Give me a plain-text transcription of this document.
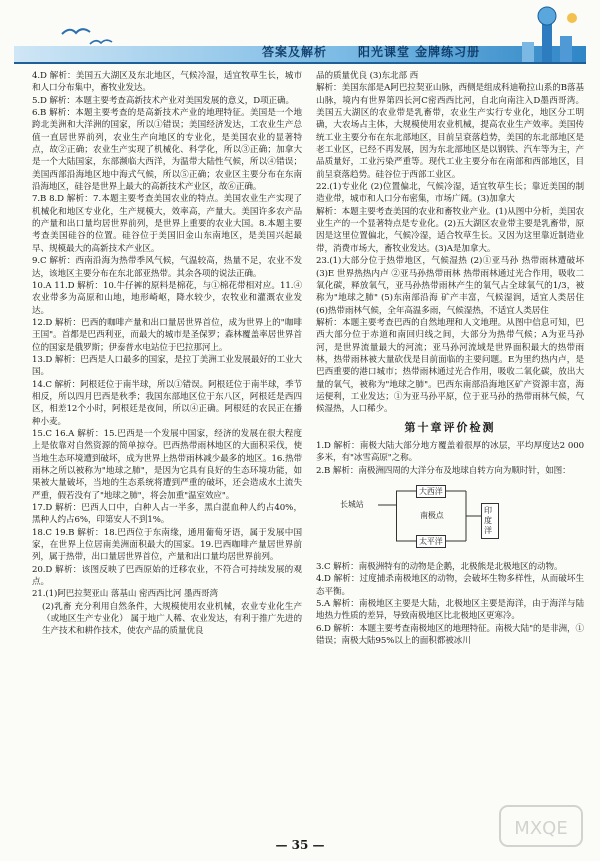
答案及解析	阳光课堂 金牌练习册

4.D 解析：美国五大湖区及东北地区，气候冷湿，适宜牧草生长，城市和人口分布集中，畜牧业发达。

5.D 解析：本题主要考查高新技术产业对美国发展的意义，D项正确。

6.B 解析：本题主要考查的是高新技术产业的地理特征。美国是一个地跨北美洲和大洋洲的国家，所以①错误；美国经济发达，工农业生产总值一直居世界前列，农业生产向地区的专业化，是美国农业的显著特点，故②正确；农业生产实现了机械化、科学化，所以③正确；加拿大是一个大陆国家，东部濒临大西洋，为温带大陆性气候，所以④错误；美国西部沿海地区地中海式气候，所以⑤正确；农业区主要分布在东南沿海地区，硅谷是世界上最大的高新技术产业区，故⑥正确。

7.B 8.D 解析：7.本题主要考查美国农业的特点。美国农业生产实现了机械化和地区专业化，生产规模大，效率高，产量大。美国许多农产品的产量和出口量均居世界前列，是世界上重要的农业大国。8.本题主要考查美国硅谷的位置。硅谷位于美国旧金山东南地区，是美国兴起最早、规模最大的高新技术产业区。

9.C 解析：西南沿海为热带季风气候，气温较高，热量不足，农业不发达，该地区主要分布在东北部亚热带。其余各项的说法正确。

10.A 11.D 解析：10.牛仔裤的原料是棉花，与①棉花带相对应。11.④农业带多为高原和山地，地形崎岖，降水较少，农牧业和灌溉农业发达。

12.D 解析：巴西的咖啡产量和出口量居世界首位，成为世界上的"咖啡王国"。首都是巴西利亚，而最大的城市是圣保罗；森林覆盖率居世界首位的国家是俄罗斯；伊泰普水电站位于巴拉那河上。

13.D 解析：巴西是人口最多的国家，是拉丁美洲工业发展最好的工业大国。

14.C 解析：阿根廷位于南半球，所以①错误。阿根廷位于南半球，季节相反，所以四月巴西是秋季；我国东部地区位于东八区，阿根廷是西四区，相差12个小时，阿根廷是夜间，所以④正确。阿根廷的农民正在播种小麦。

15.C 16.A 解析：15.巴西是一个发展中国家，经济的发展在很大程度上是依靠对自然资源的简单掠夺。巴西热带雨林地区的大面积采伐，使当地生态环境遭到破坏，成为世界上热带雨林减少最多的地区。16.热带雨林之所以被称为"地球之肺"，是因为它具有良好的生态环境功能，如果被大量破坏，当地的生态系统将遭到严重的破坏，还会造成水土流失严重，假若没有了"地球之肺"，将会加重"温室效应"。

17.D 解析：巴西人口中，白种人占一半多，黑白混血种人约占40%，黑种人约占6%，印第安人不到1%。

18.C 19.B 解析：18.巴西位于东南缘，通用葡萄牙语，属于发展中国家，在世界上位居南美洲面积最大的国家。19.巴西咖啡产量居世界前列，属于热带，出口量居世界首位，产量和出口量均居世界前列。

20.D 解析：该图反映了巴西原始的迁移农业，不符合可持续发展的观点。

21.(1)阿巴拉契亚山 落基山 密西西比河 墨西哥湾

(2)乳畜 充分利用自然条件，大规模使用农业机械，农业专业化生产（或地区生产专业化） 属于地广人稀、农业发达，有利于推广先进的生产技术和耕作技术，使农产品的质量优良

品的质量优良 (3)东北部 西

解析：美国东部是A阿巴拉契亚山脉，西侧是组成科迪勒拉山系的B落基山脉，境内有世界第四长河C密西西比河，自北向南注入D墨西哥湾。美国五大湖区的农业带是乳畜带，农业生产实行专业化，地区分工明确，大农场占主体，大规模使用农业机械，提高农业生产效率。美国传统工业主要分布在东北部地区，目前呈衰落趋势，美国的东北部地区是老工业区，已经不再发展，因为东北部地区是以钢铁、汽车等为主，产品质量好，工业污染严重等。现代工业主要分布在南部和西部地区，目前呈衰落趋势。硅谷位于西部工业区。

22.(1)专业化 (2)位置偏北，气候冷湿，适宜牧草生长；靠近美国的制造业带，城市和人口分布密集，市场广阔。(3)加拿大

解析：本题主要考查美国的农业和畜牧业产业。(1)从图中分析，美国农业生产的一个显著特点是专业化。(2)五大湖区农业带主要是乳畜带，原因是这里位置偏北，气候冷湿，适合牧草生长。又因为这里靠近制造业带，消费市场大，畜牧业发达。(3)A是加拿大。

23.(1)大部分位于热带地区，气候湿热 (2)①亚马孙 热带雨林遭破坏 (3)E 世界热热内卢 ②亚马孙热带雨林 热带雨林通过光合作用，吸收二氧化碳，释放氧气，亚马孙热带雨林产生的氧气占全球氧气的1/3，被称为"地球之肺" (5)东南部沿海 矿产丰富，气候湿润，适宜人类居住 (6)热带雨林气候，全年高温多雨，气候湿热，不适宜人类居住

解析：本题主要考查巴西的自然地理和人文地理。从图中信息可知，巴西大部分位于赤道和南回归线之间，大部分为热带气候；A为亚马孙河，是世界流量最大的河流；亚马孙河流域是世界面积最大的热带雨林，热带雨林被大量砍伐是目前面临的主要问题。E为里约热内卢，是巴西重要的港口城市；热带雨林通过光合作用，吸收二氧化碳，放出大量的氧气，被称为"地球之肺"。巴西东南部沿海地区矿产资源丰富，海运便利，工业发达；①为亚马孙平原，位于亚马孙的热带雨林气候，气候湿热，人口稀少。

第十章评价检测

1.D 解析：南极大陆大部分地方覆盖着很厚的冰层，平均厚度达2 000多米，有"冰雪高原"之称。

2.B 解析：南极洲四周的大洋分布及地球自转方向为顺时针，如图：

长城站
大西洋
南极点
太平洋
印度洋

3.C 解析：南极洲特有的动物是企鹅，北极熊是北极地区的动物。

4.D 解析：过度捕杀南极地区的动物，会破坏生物多样性，从而破坏生态平衡。

5.A 解析：南极地区主要是大陆，北极地区主要是海洋，由于海洋与陆地热力性质的差异，导致南极地区比北极地区更寒冷。

6.D 解析：本题主要考查南极地区的地理特征。南极大陆"的是非洲，①错误；南极大陆95%以上的面积都被冰川

MXQE
— 35 —
